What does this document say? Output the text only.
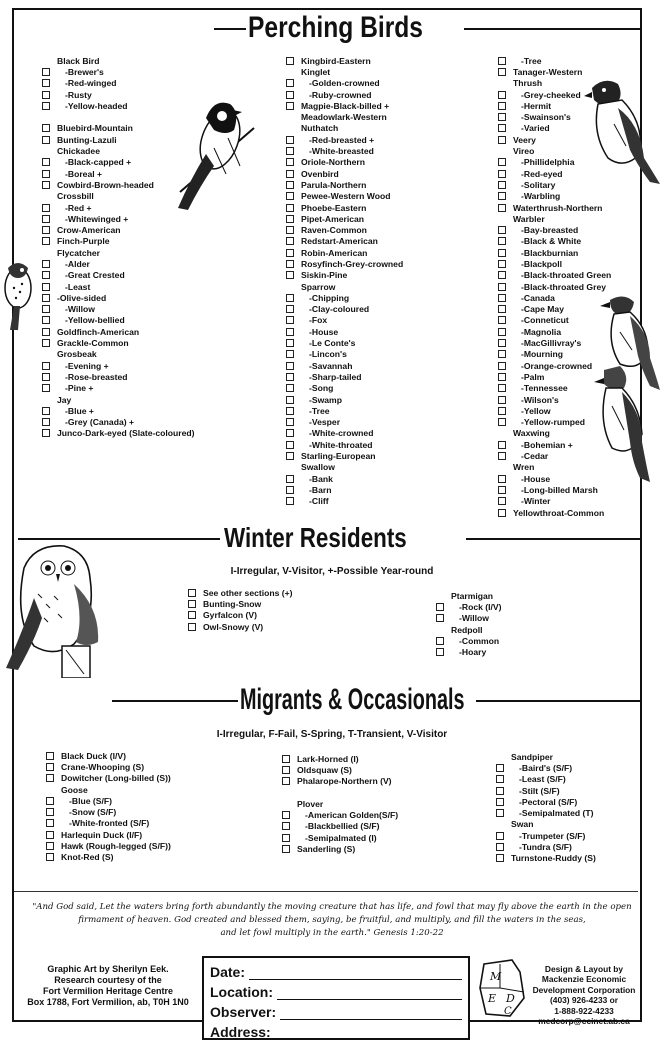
Perching Birds
Black Bird
-Brewer's
-Red-winged
-Rusty
-Yellow-headed
Bluebird-Mountain
Bunting-Lazuli
Chickadee
-Black-capped +
-Boreal +
Cowbird-Brown-headed
Crossbill
-Red +
-Whitewinged +
Crow-American
Finch-Purple
Flycatcher
-Alder
-Great Crested
-Least
-Olive-sided
-Willow
-Yellow-bellied
Goldfinch-American
Grackle-Common
Grosbeak
-Evening +
-Rose-breasted
-Pine +
Jay
-Blue +
-Grey (Canada) +
Junco-Dark-eyed (Slate-coloured)
Kingbird-Eastern
Kinglet
-Golden-crowned
-Ruby-crowned
Magpie-Black-billed +
Meadowlark-Western
Nuthatch
-Red-breasted +
-White-breasted
Oriole-Northern
Ovenbird
Parula-Northern
Pewee-Western Wood
Phoebe-Eastern
Pipet-American
Raven-Common
Redstart-American
Robin-American
Rosyfinch-Grey-crowned
Siskin-Pine
Sparrow
-Chipping
-Clay-coloured
-Fox
-House
-Le Conte's
-Lincon's
-Savannah
-Sharp-tailed
-Song
-Swamp
-Tree
-Vesper
-White-crowned
-White-throated
Starling-European
Swallow
-Bank
-Barn
-Cliff
-Tree
Tanager-Western
Thrush
-Grey-cheeked
-Hermit
-Swainson's
-Varied
Veery
Vireo
-Phillidelphia
-Red-eyed
-Solitary
-Warbling
Waterthrush-Northern
Warbler
-Bay-breasted
-Black & White
-Blackburnian
-Blackpoll
-Black-throated Green
-Black-throated Grey
-Canada
-Cape May
-Conneticut
-Magnolia
-MacGillivray's
-Mourning
-Orange-crowned
-Palm
-Tennessee
-Wilson's
-Yellow
-Yellow-rumped
Waxwing
-Bohemian +
-Cedar
Wren
-House
-Long-billed Marsh
-Winter
Yellowthroat-Common
Winter Residents
I-Irregular, V-Visitor, +-Possible Year-round
See other sections (+)
Bunting-Snow
Gyrfalcon (V)
Owl-Snowy (V)
Ptarmigan
-Rock (I/V)
-Willow
Redpoll
-Common
-Hoary
Migrants & Occasionals
I-Irregular, F-Fail, S-Spring, T-Transient, V-Visitor
Black Duck (I/V)
Crane-Whooping (S)
Dowitcher (Long-billed (S))
Goose
-Blue (S/F)
-Snow (S/F)
-White-fronted (S/F)
Harlequin Duck (I/F)
Hawk (Rough-legged (S/F))
Knot-Red (S)
Lark-Horned (I)
Oldsquaw (S)
Phalarope-Northern (V)
Plover
-American Golden(S/F)
-Blackbellied (S/F)
-Semipalmated (I)
Sanderling (S)
Sandpiper
-Baird's (S/F)
-Least (S/F)
-Stilt (S/F)
-Pectoral (S/F)
-Semipalmated (T)
Swan
-Trumpeter (S/F)
-Tundra (S/F)
Turnstone-Ruddy (S)
"And God said, Let the waters bring forth abundantly the moving creature that has life, and fowl that may fly above the earth in the open
firmament of heaven. God created and blessed them, saying, be fruitful, and multiply, and fill the waters in the seas,
and let fowl multiply in the earth." Genesis 1:20-22
Graphic Art by Sherilyn Eek.
Research courtesy of the
Fort Vermilion Heritage Centre
Box 1788, Fort Vermilion, ab, T0H 1N0
Date:
Location:
Observer:
Address:
M
E D
C
Design & Layout by
Mackenzie Economic
Development Corporation
(403) 926-4233 or
1-888-922-4233
medcorp@ccinet.ab.ca
